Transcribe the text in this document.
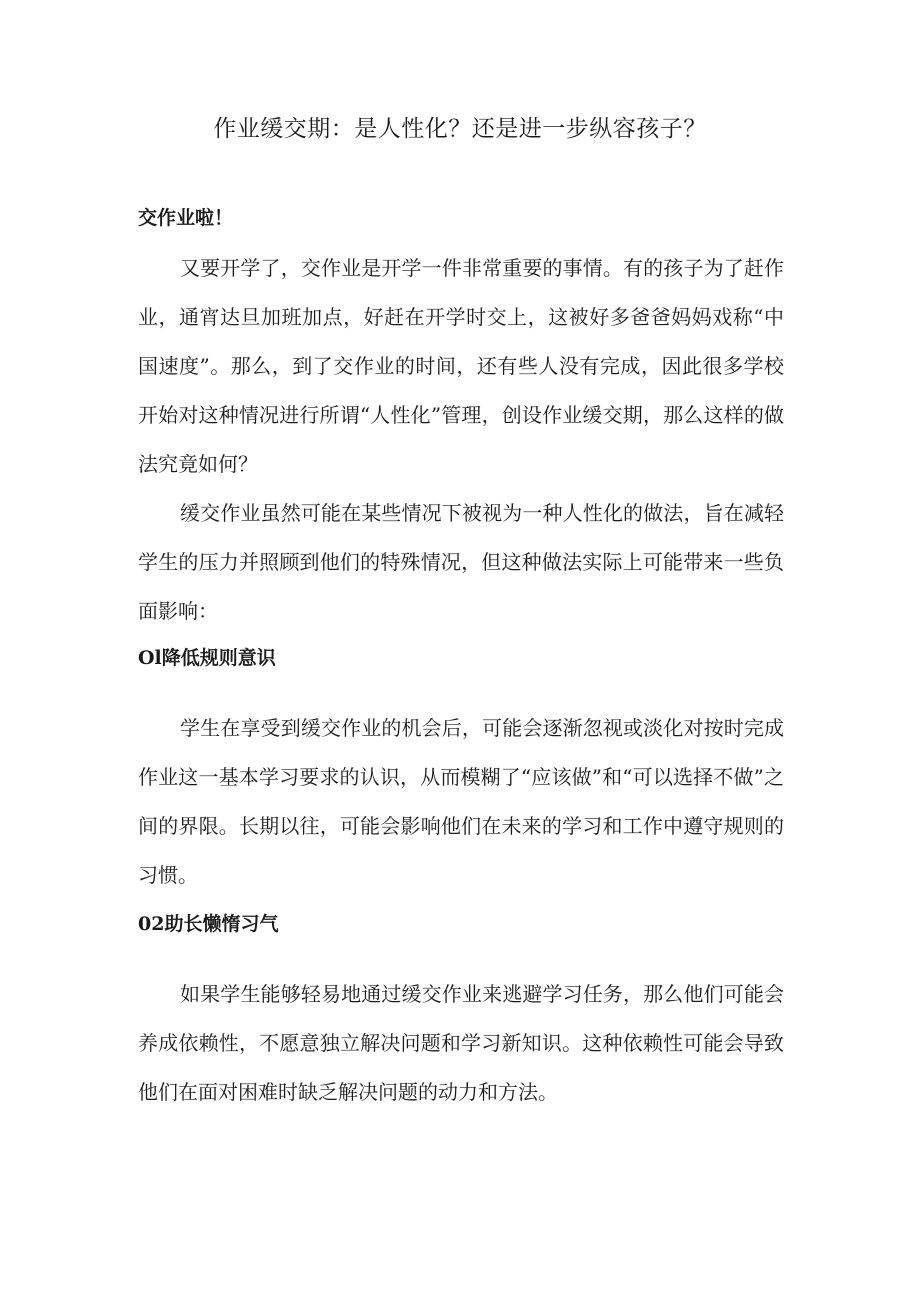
作业缓交期：是人性化？还是进一步纵容孩子？
交作业啦！

又要开学了，交作业是开学一件非常重要的事情。有的孩子为了赶作业，通宵达旦加班加点，好赶在开学时交上，这被好多爸爸妈妈戏称“中国速度”。那么，到了交作业的时间，还有些人没有完成，因此很多学校开始对这种情况进行所谓“人性化”管理，创设作业缓交期，那么这样的做法究竟如何？

缓交作业虽然可能在某些情况下被视为一种人性化的做法，旨在减轻学生的压力并照顾到他们的特殊情况，但这种做法实际上可能带来一些负面影响：

Ol降低规则意识

学生在享受到缓交作业的机会后，可能会逐渐忽视或淡化对按时完成作业这一基本学习要求的认识，从而模糊了“应该做”和“可以选择不做”之间的界限。长期以往，可能会影响他们在未来的学习和工作中遵守规则的习惯。

02助长懒惰习气

如果学生能够轻易地通过缓交作业来逃避学习任务，那么他们可能会养成依赖性，不愿意独立解决问题和学习新知识。这种依赖性可能会导致他们在面对困难时缺乏解决问题的动力和方法。
